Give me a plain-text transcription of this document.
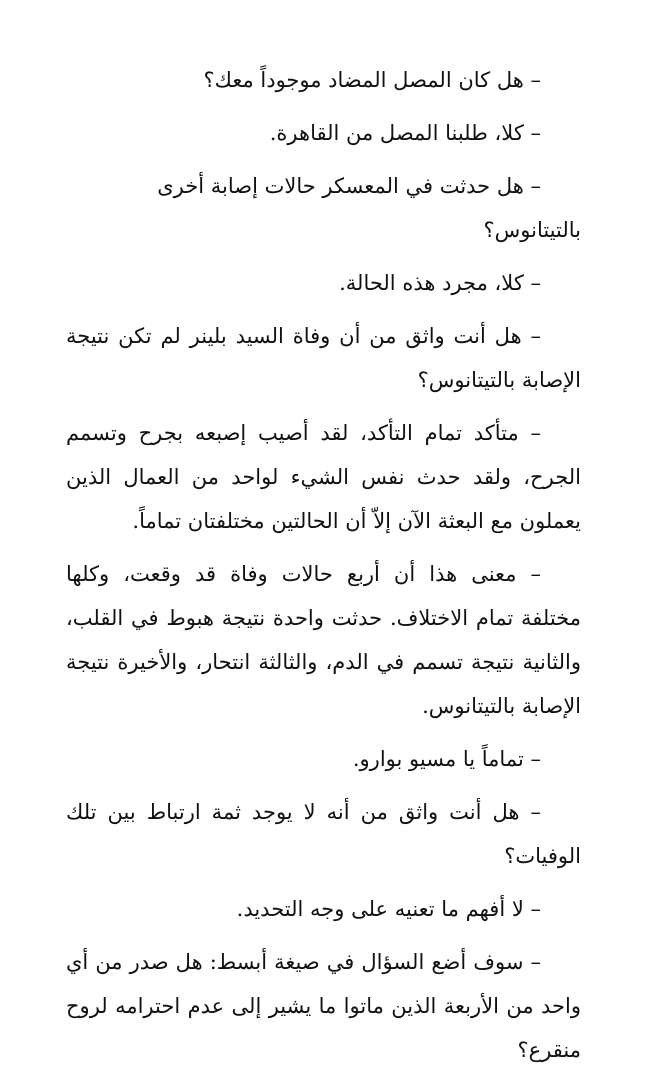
– هل كان المصل المضاد موجوداً معك؟

– كلا، طلبنا المصل من القاهرة.

– هل حدثت في المعسكر حالات إصابة أخرى بالتيتانوس؟

– كلا، مجرد هذه الحالة.

– هل أنت واثق من أن وفاة السيد بلينر لم تكن نتيجة الإصابة بالتيتانوس؟

– متأكد تمام التأكد، لقد أصيب إصبعه بجرح وتسمم الجرح، ولقد حدث نفس الشيء لواحد من العمال الذين يعملون مع البعثة الآن إلاّ أن الحالتين مختلفتان تماماً.

– معنى هذا أن أربع حالات وفاة قد وقعت، وكلها مختلفة تمام الاختلاف. حدثت واحدة نتيجة هبوط في القلب، والثانية نتيجة تسمم في الدم، والثالثة انتحار، والأخيرة نتيجة الإصابة بالتيتانوس.

– تماماً يا مسيو بوارو.

– هل أنت واثق من أنه لا يوجد ثمة ارتباط بين تلك الوفيات؟

– لا أفهم ما تعنيه على وجه التحديد.

– سوف أضع السؤال في صيغة أبسط: هل صدر من أي واحد من الأربعة الذين ماتوا ما يشير إلى عدم احترامه لروح منقرع؟
